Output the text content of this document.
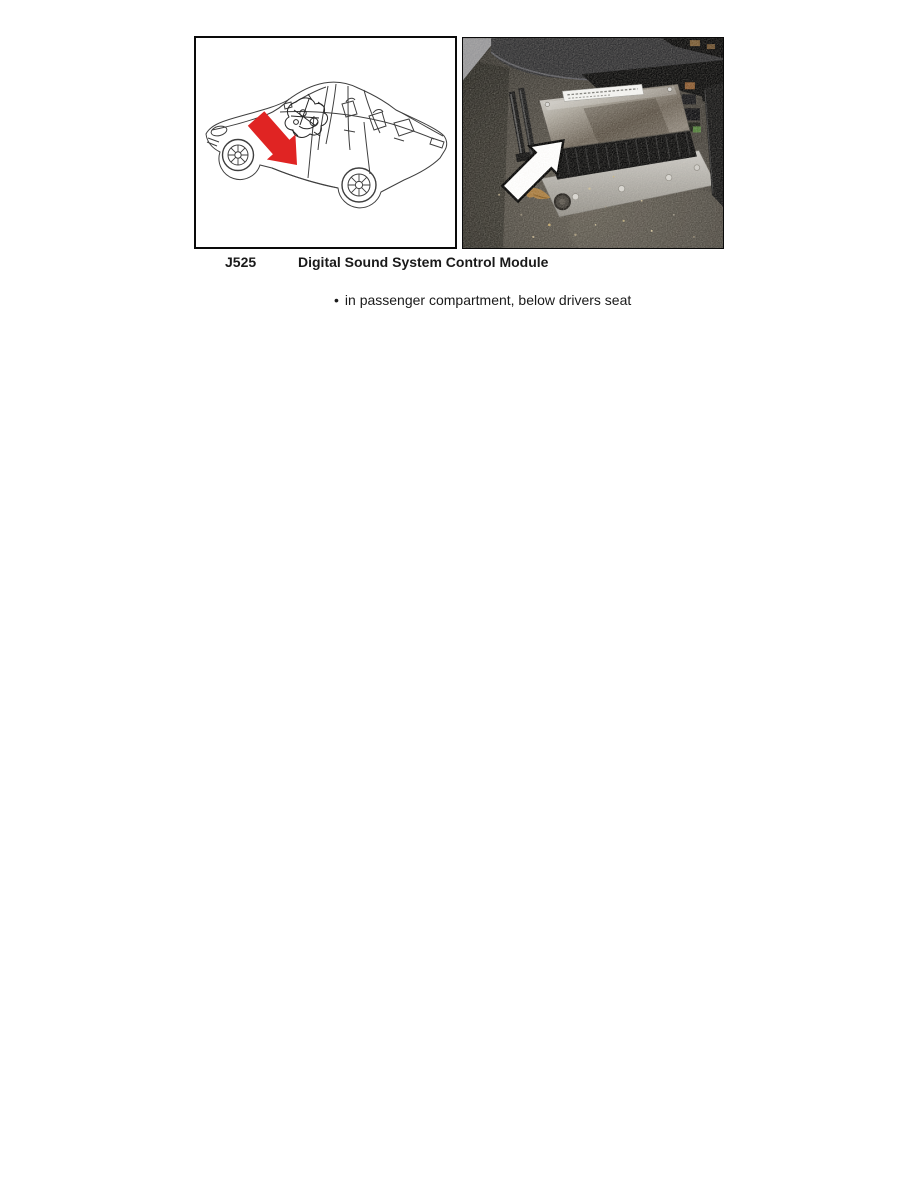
J525	Digital Sound System Control Module
• in passenger compartment, below drivers seat
